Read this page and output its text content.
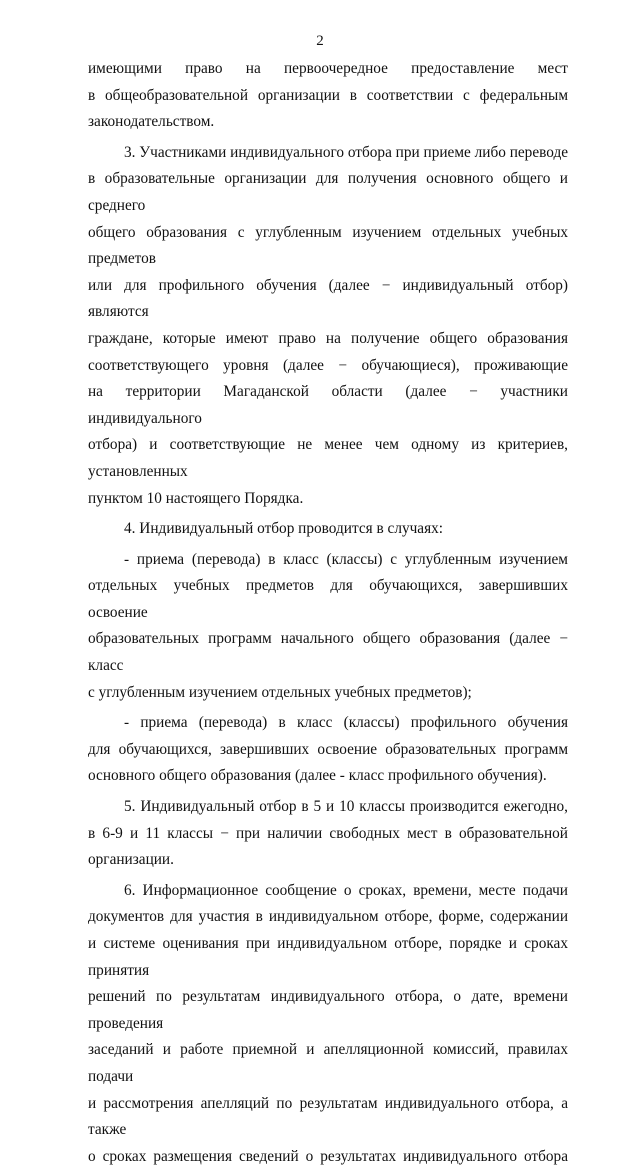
2

имеющими право на первоочередное предоставление мест

в общеобразовательной организации в соответствии с федеральным

законодательством.

3. Участниками индивидуального отбора при приеме либо переводе

в образовательные организации для получения основного общего и среднего

общего образования с углубленным изучением отдельных учебных предметов

или для профильного обучения (далее − индивидуальный отбор) являются

граждане, которые имеют право на получение общего образования

соответствующего уровня (далее − обучающиеся), проживающие

на территории Магаданской области (далее − участники индивидуального

отбора) и соответствующие не менее чем одному из критериев, установленных

пунктом 10 настоящего Порядка.

4. Индивидуальный отбор проводится в случаях:

- приема (перевода) в класс (классы) с углубленным изучением

отдельных учебных предметов для обучающихся, завершивших освоение

образовательных программ начального общего образования (далее − класс

с углубленным изучением отдельных учебных предметов);

- приема (перевода) в класс (классы) профильного обучения

для обучающихся, завершивших освоение образовательных программ

основного общего образования (далее - класс профильного обучения).

5. Индивидуальный отбор в 5 и 10 классы производится ежегодно,

в 6-9 и 11 классы − при наличии свободных мест в образовательной

организации.

6. Информационное сообщение о сроках, времени, месте подачи

документов для участия в индивидуальном отборе, форме, содержании

и системе оценивания при индивидуальном отборе, порядке и сроках принятия

решений по результатам индивидуального отбора, о дате, времени проведения

заседаний и работе приемной и апелляционной комиссий, правилах подачи

и рассмотрения апелляций по результатам индивидуального отбора, а также

о сроках размещения сведений о результатах индивидуального отбора
